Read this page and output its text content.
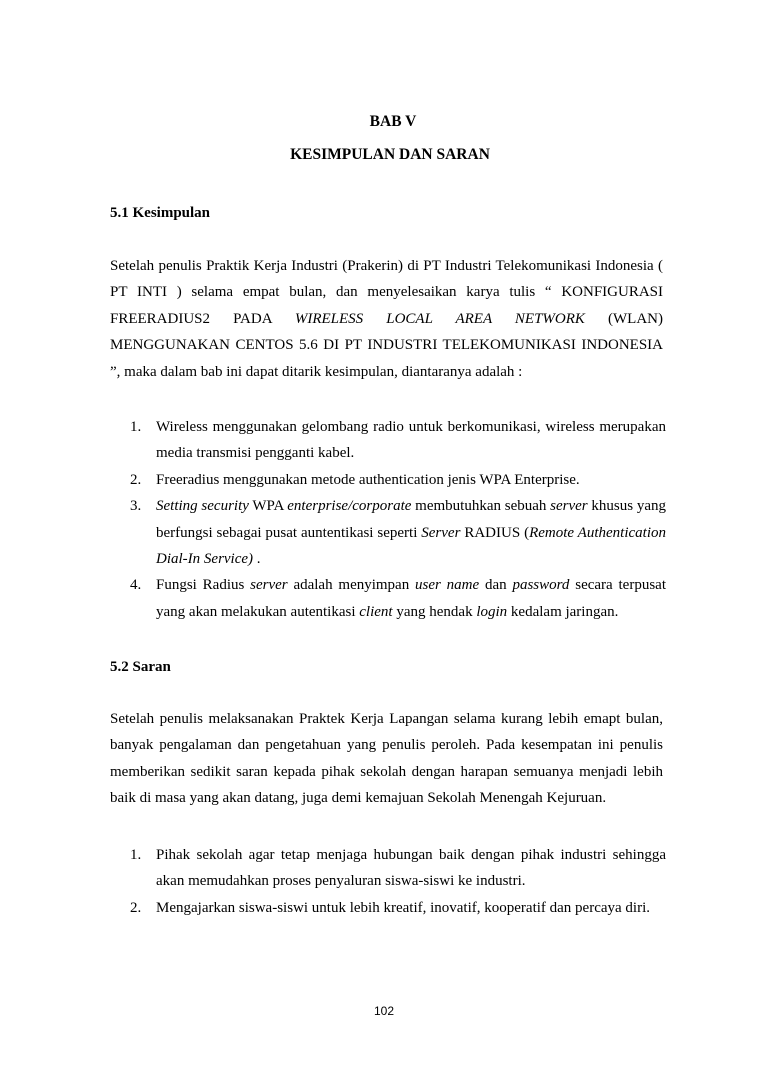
BAB V

KESIMPULAN DAN SARAN

5.1 Kesimpulan

Setelah penulis Praktik Kerja Industri (Prakerin) di PT Industri Telekomunikasi Indonesia ( PT INTI ) selama empat bulan, dan menyelesaikan karya tulis “ KONFIGURASI FREERADIUS2 PADA WIRELESS LOCAL AREA NETWORK (WLAN) MENGGUNAKAN CENTOS 5.6 DI PT INDUSTRI TELEKOMUNIKASI INDONESIA ”, maka dalam bab ini dapat ditarik kesimpulan, diantaranya adalah :

1. Wireless menggunakan gelombang radio untuk berkomunikasi, wireless merupakan media transmisi pengganti kabel.
2. Freeradius menggunakan metode authentication jenis WPA Enterprise.
3. Setting security WPA enterprise/corporate membutuhkan sebuah server khusus yang berfungsi sebagai pusat auntentikasi seperti Server RADIUS (Remote Authentication Dial-In Service) .
4. Fungsi Radius server adalah menyimpan user name dan password secara terpusat yang akan melakukan autentikasi client yang hendak login kedalam jaringan.

5.2 Saran

Setelah penulis melaksanakan Praktek Kerja Lapangan selama kurang lebih emapt bulan, banyak pengalaman dan pengetahuan yang penulis peroleh. Pada kesempatan ini penulis memberikan sedikit saran kepada pihak sekolah dengan harapan semuanya menjadi lebih baik di masa yang akan datang, juga demi kemajuan Sekolah Menengah Kejuruan.

1. Pihak sekolah agar tetap menjaga hubungan baik dengan pihak industri sehingga akan memudahkan proses penyaluran siswa-siswi ke industri.
2. Mengajarkan siswa-siswi untuk lebih kreatif, inovatif, kooperatif dan percaya diri.

102
